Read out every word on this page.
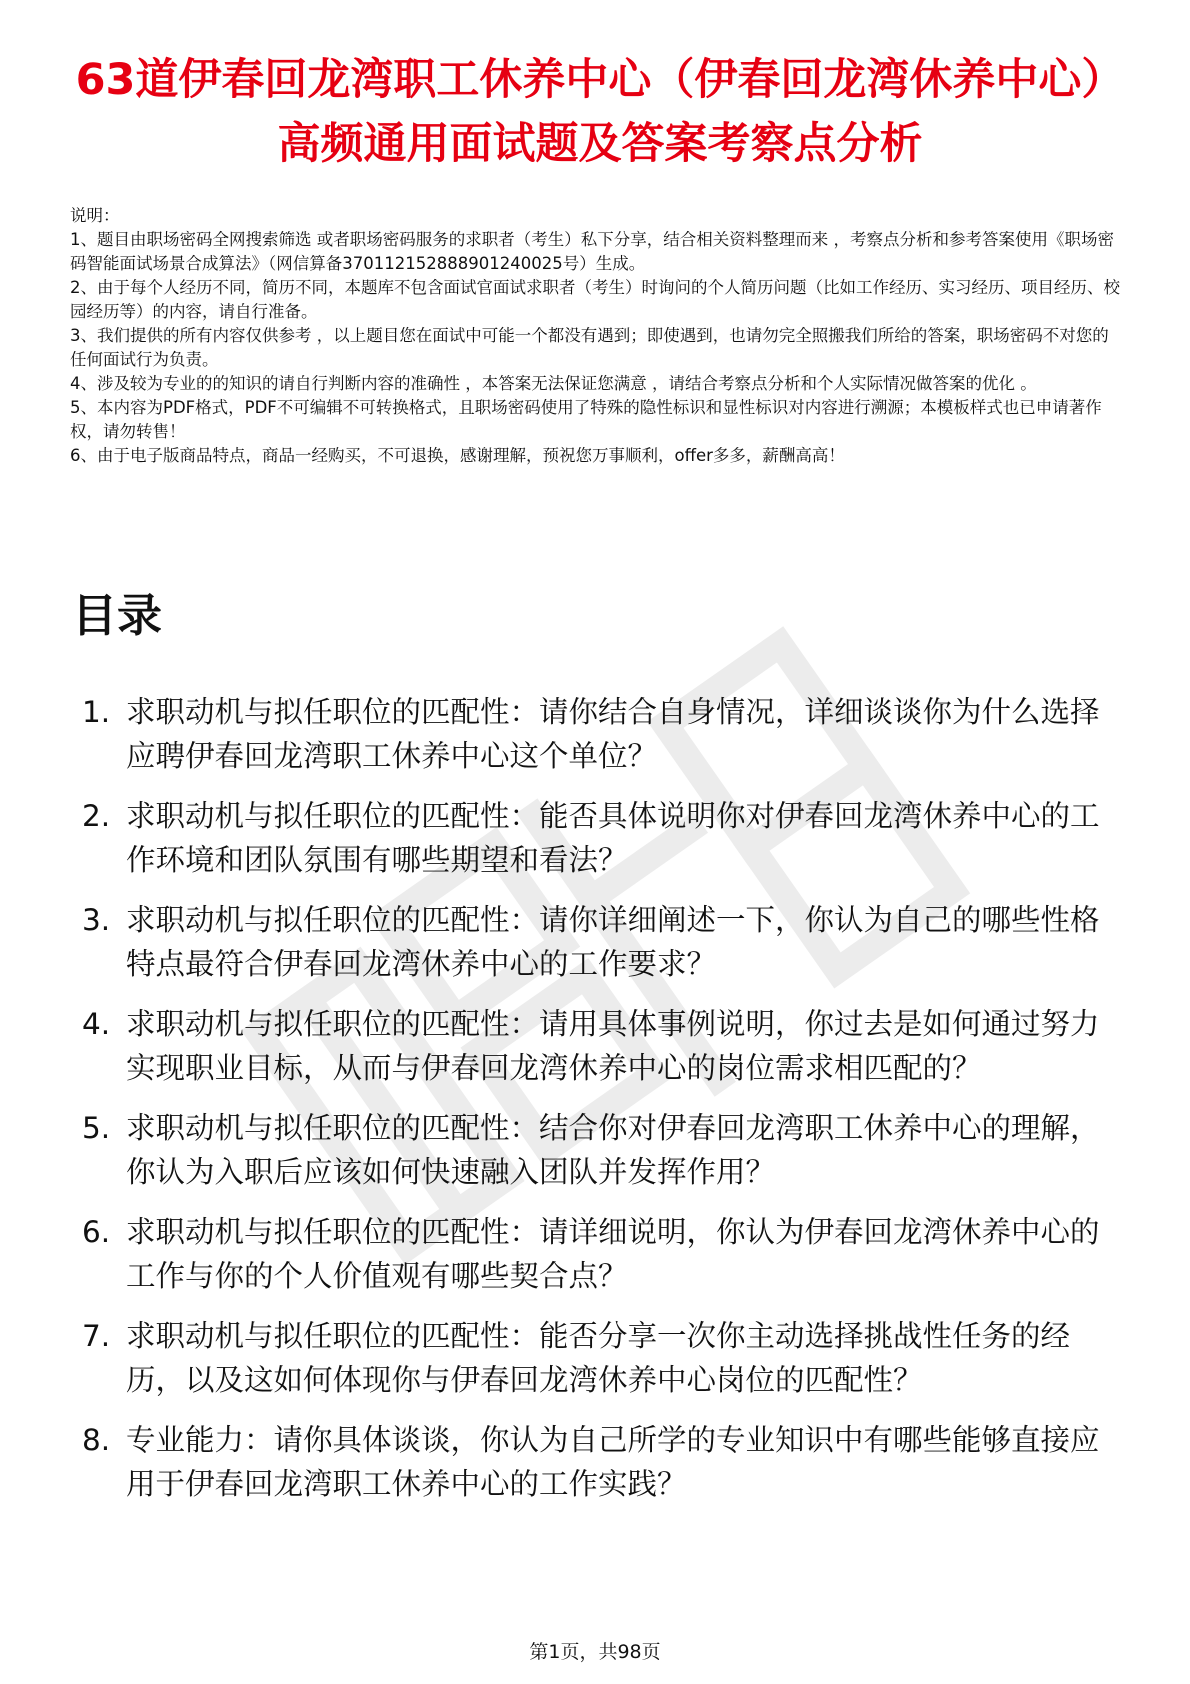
63道伊春回龙湾职工休养中心（伊春回龙湾休养中心）高频通用面试题及答案考察点分析

说明：

1、题目由职场密码全网搜索筛选 或者职场密码服务的求职者（考生）私下分享，结合相关资料整理而来 ，考察点分析和参考答案使用《职场密码智能面试场景合成算法》（网信算备370112152888901240025号）生成。

2、由于每个人经历不同，简历不同，本题库不包含面试官面试求职者（考生）时询问的个人简历问题（比如工作经历、实习经历、项目经历、校园经历等）的内容，请自行准备。

3、我们提供的所有内容仅供参考 ，以上题目您在面试中可能一个都没有遇到；即使遇到，也请勿完全照搬我们所给的答案，职场密码不对您的任何面试行为负责。

4、涉及较为专业的的知识的请自行判断内容的准确性 ，本答案无法保证您满意 ，请结合考察点分析和个人实际情况做答案的优化 。

5、本内容为PDF格式，PDF不可编辑不可转换格式，且职场密码使用了特殊的隐性标识和显性标识对内容进行溯源；本模板样式也已申请著作权，请勿转售！

6、由于电子版商品特点，商品一经购买，不可退换，感谢理解，预祝您万事顺利，offer多多，薪酬高高！

目录
1. 求职动机与拟任职位的匹配性：请你结合自身情况，详细谈谈你为什么选择应聘伊春回龙湾职工休养中心这个单位？
2. 求职动机与拟任职位的匹配性：能否具体说明你对伊春回龙湾休养中心的工作环境和团队氛围有哪些期望和看法？
3. 求职动机与拟任职位的匹配性：请你详细阐述一下，你认为自己的哪些性格特点最符合伊春回龙湾休养中心的工作要求？
4. 求职动机与拟任职位的匹配性：请用具体事例说明，你过去是如何通过努力实现职业目标，从而与伊春回龙湾休养中心的岗位需求相匹配的？
5. 求职动机与拟任职位的匹配性：结合你对伊春回龙湾职工休养中心的理解，你认为入职后应该如何快速融入团队并发挥作用？
6. 求职动机与拟任职位的匹配性：请详细说明，你认为伊春回龙湾休养中心的工作与你的个人价值观有哪些契合点？
7. 求职动机与拟任职位的匹配性：能否分享一次你主动选择挑战性任务的经历，以及这如何体现你与伊春回龙湾休养中心岗位的匹配性？
8. 专业能力：请你具体谈谈，你认为自己所学的专业知识中有哪些能够直接应用于伊春回龙湾职工休养中心的工作实践？
第1页，共98页
